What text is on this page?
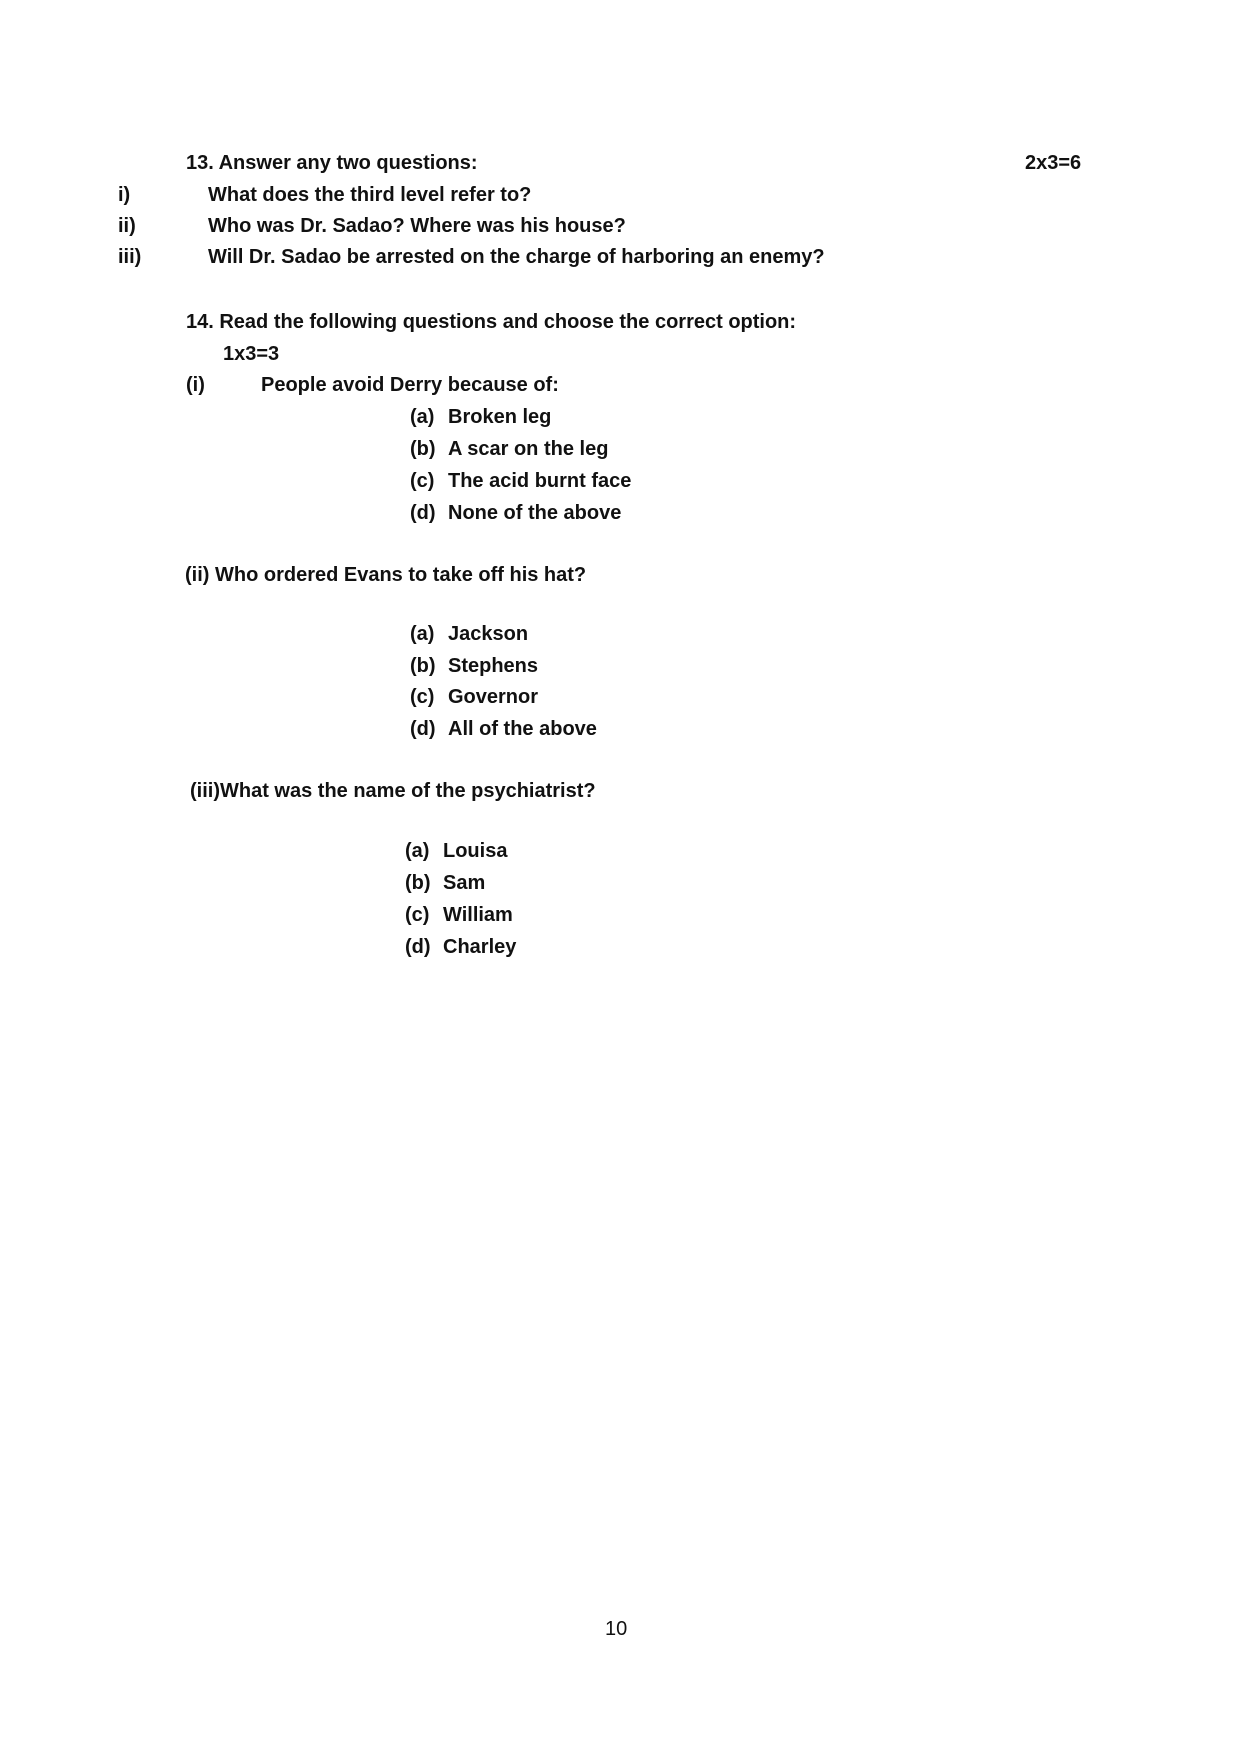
13. Answer any two questions:	2x3=6
i)	What does the third level refer to?
ii)	Who was Dr. Sadao? Where was his house?
iii)	Will Dr. Sadao be arrested on the charge of harboring an enemy?
14. Read the following questions and choose the correct option:
1x3=3
(i)	People avoid Derry because of:
(a) Broken leg
(b) A scar on the leg
(c) The acid burnt face
(d) None of the above
(ii) Who ordered Evans to take off his hat?
(a) Jackson
(b) Stephens
(c) Governor
(d) All of the above
(iii)What was the name of the psychiatrist?
(a) Louisa
(b) Sam
(c) William
(d) Charley
10
